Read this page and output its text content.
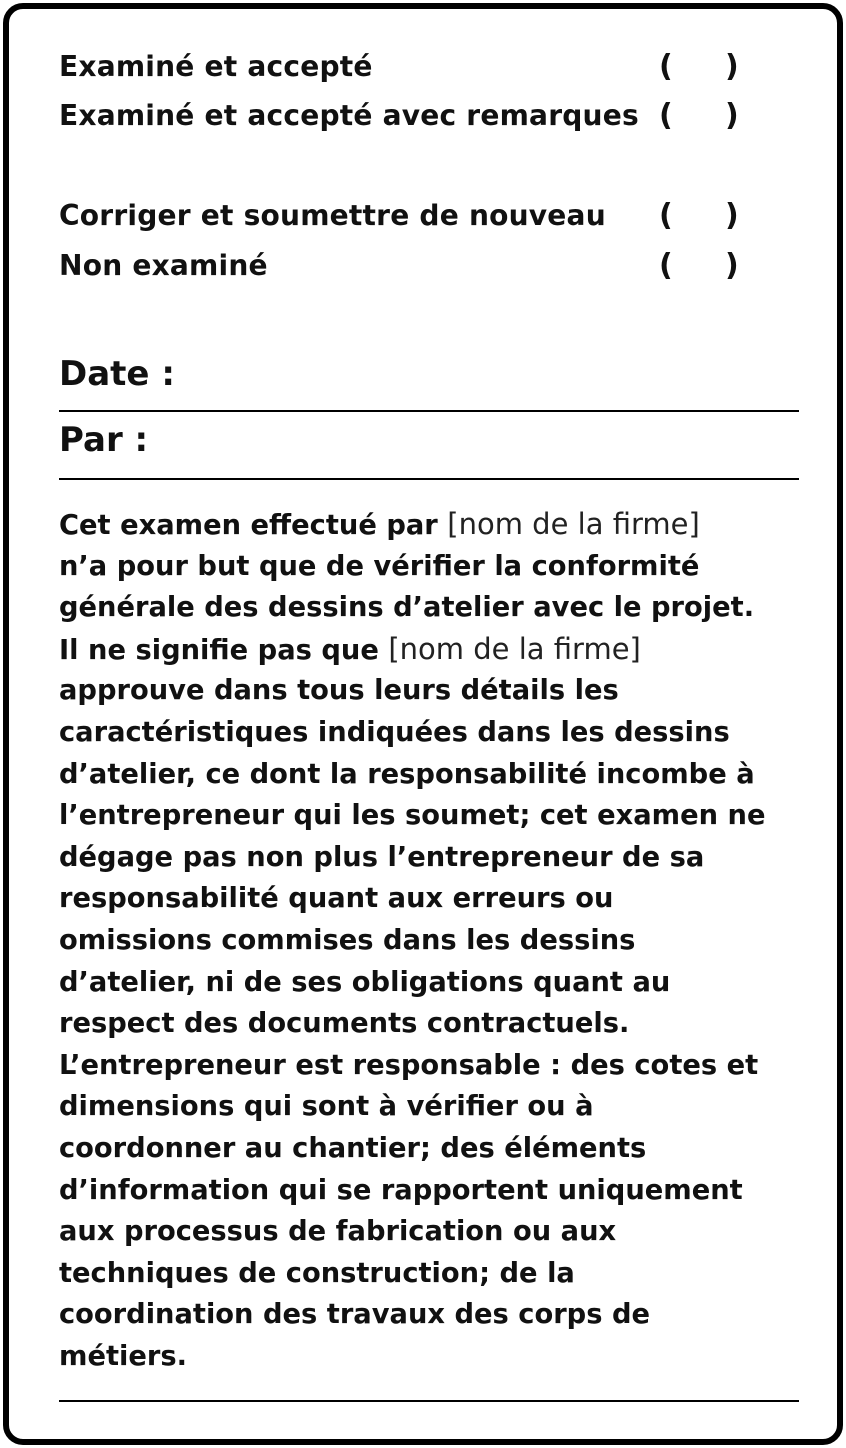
Examiné et accepté	( )
Examiné et accepté avec remarques ( )
Corriger et soumettre de nouveau ( )
Non examiné	( )
Date :
Par :
Cet examen effectué par [nom de la firme]
n’a pour but que de vérifier la conformité
générale des dessins d’atelier avec le projet.
Il ne signifie pas que [nom de la firme]
approuve dans tous leurs détails les
caractéristiques indiquées dans les dessins
d’atelier, ce dont la responsabilité incombe à
l’entrepreneur qui les soumet; cet examen ne
dégage pas non plus l’entrepreneur de sa
responsabilité quant aux erreurs ou
omissions commises dans les dessins
d’atelier, ni de ses obligations quant au
respect des documents contractuels.
L’entrepreneur est responsable : des cotes et
dimensions qui sont à vérifier ou à
coordonner au chantier; des éléments
d’information qui se rapportent uniquement
aux processus de fabrication ou aux
techniques de construction; de la
coordination des travaux des corps de
métiers.
